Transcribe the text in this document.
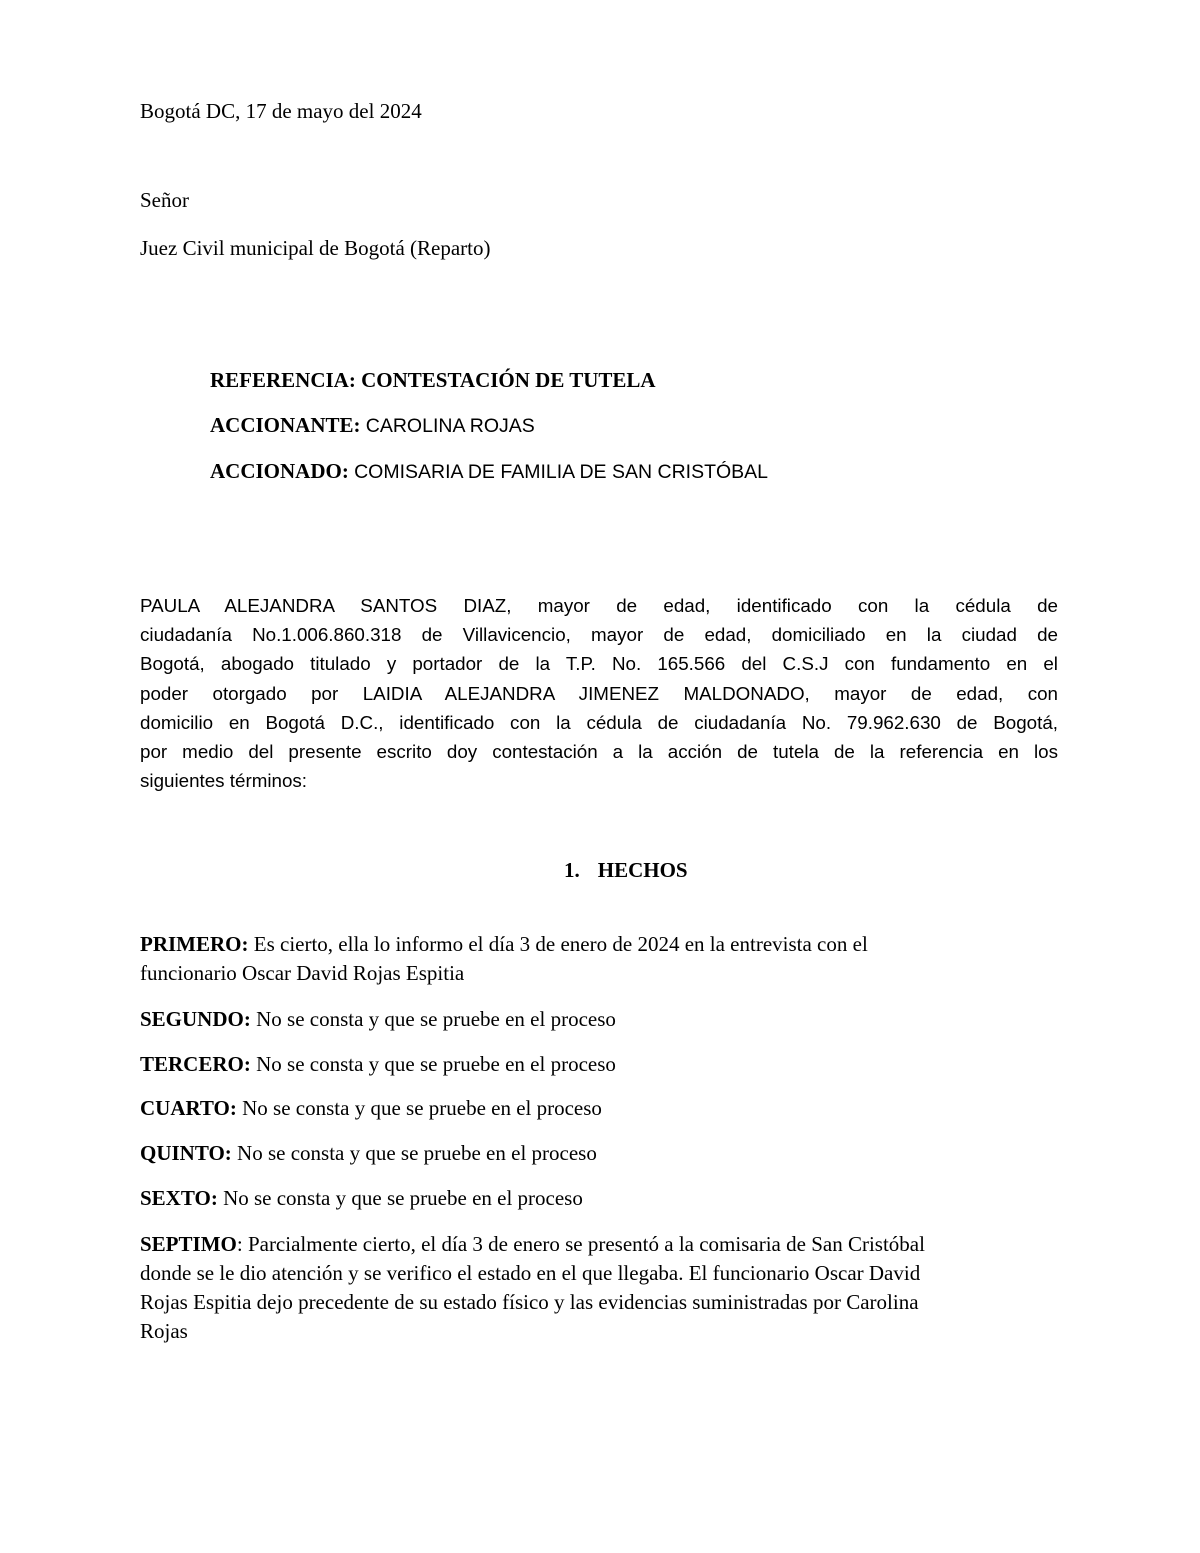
Bogotá DC, 17 de mayo del 2024
Señor
Juez Civil municipal de Bogotá (Reparto)
REFERENCIA: CONTESTACIÓN DE TUTELA
ACCIONANTE: CAROLINA ROJAS
ACCIONADO: COMISARIA DE FAMILIA DE SAN CRISTÓBAL
PAULA ALEJANDRA SANTOS DIAZ, mayor de edad, identificado con la cédula de
ciudadanía No.1.006.860.318 de Villavicencio, mayor de edad, domiciliado en la ciudad de
Bogotá, abogado titulado y portador de la T.P. No. 165.566 del C.S.J con fundamento en el
poder otorgado por LAIDIA ALEJANDRA JIMENEZ MALDONADO, mayor de edad, con
domicilio en Bogotá D.C., identificado con la cédula de ciudadanía No. 79.962.630 de Bogotá,
por medio del presente escrito doy contestación a la acción de tutela de la referencia en los
siguientes términos:
1. HECHOS
PRIMERO: Es cierto, ella lo informo el día 3 de enero de 2024 en la entrevista con el
funcionario Oscar David Rojas Espitia
SEGUNDO: No se consta y que se pruebe en el proceso
TERCERO: No se consta y que se pruebe en el proceso
CUARTO: No se consta y que se pruebe en el proceso
QUINTO: No se consta y que se pruebe en el proceso
SEXTO: No se consta y que se pruebe en el proceso
SEPTIMO: Parcialmente cierto, el día 3 de enero se presentó a la comisaria de San Cristóbal
donde se le dio atención y se verifico el estado en el que llegaba. El funcionario Oscar David
Rojas Espitia dejo precedente de su estado físico y las evidencias suministradas por Carolina
Rojas
